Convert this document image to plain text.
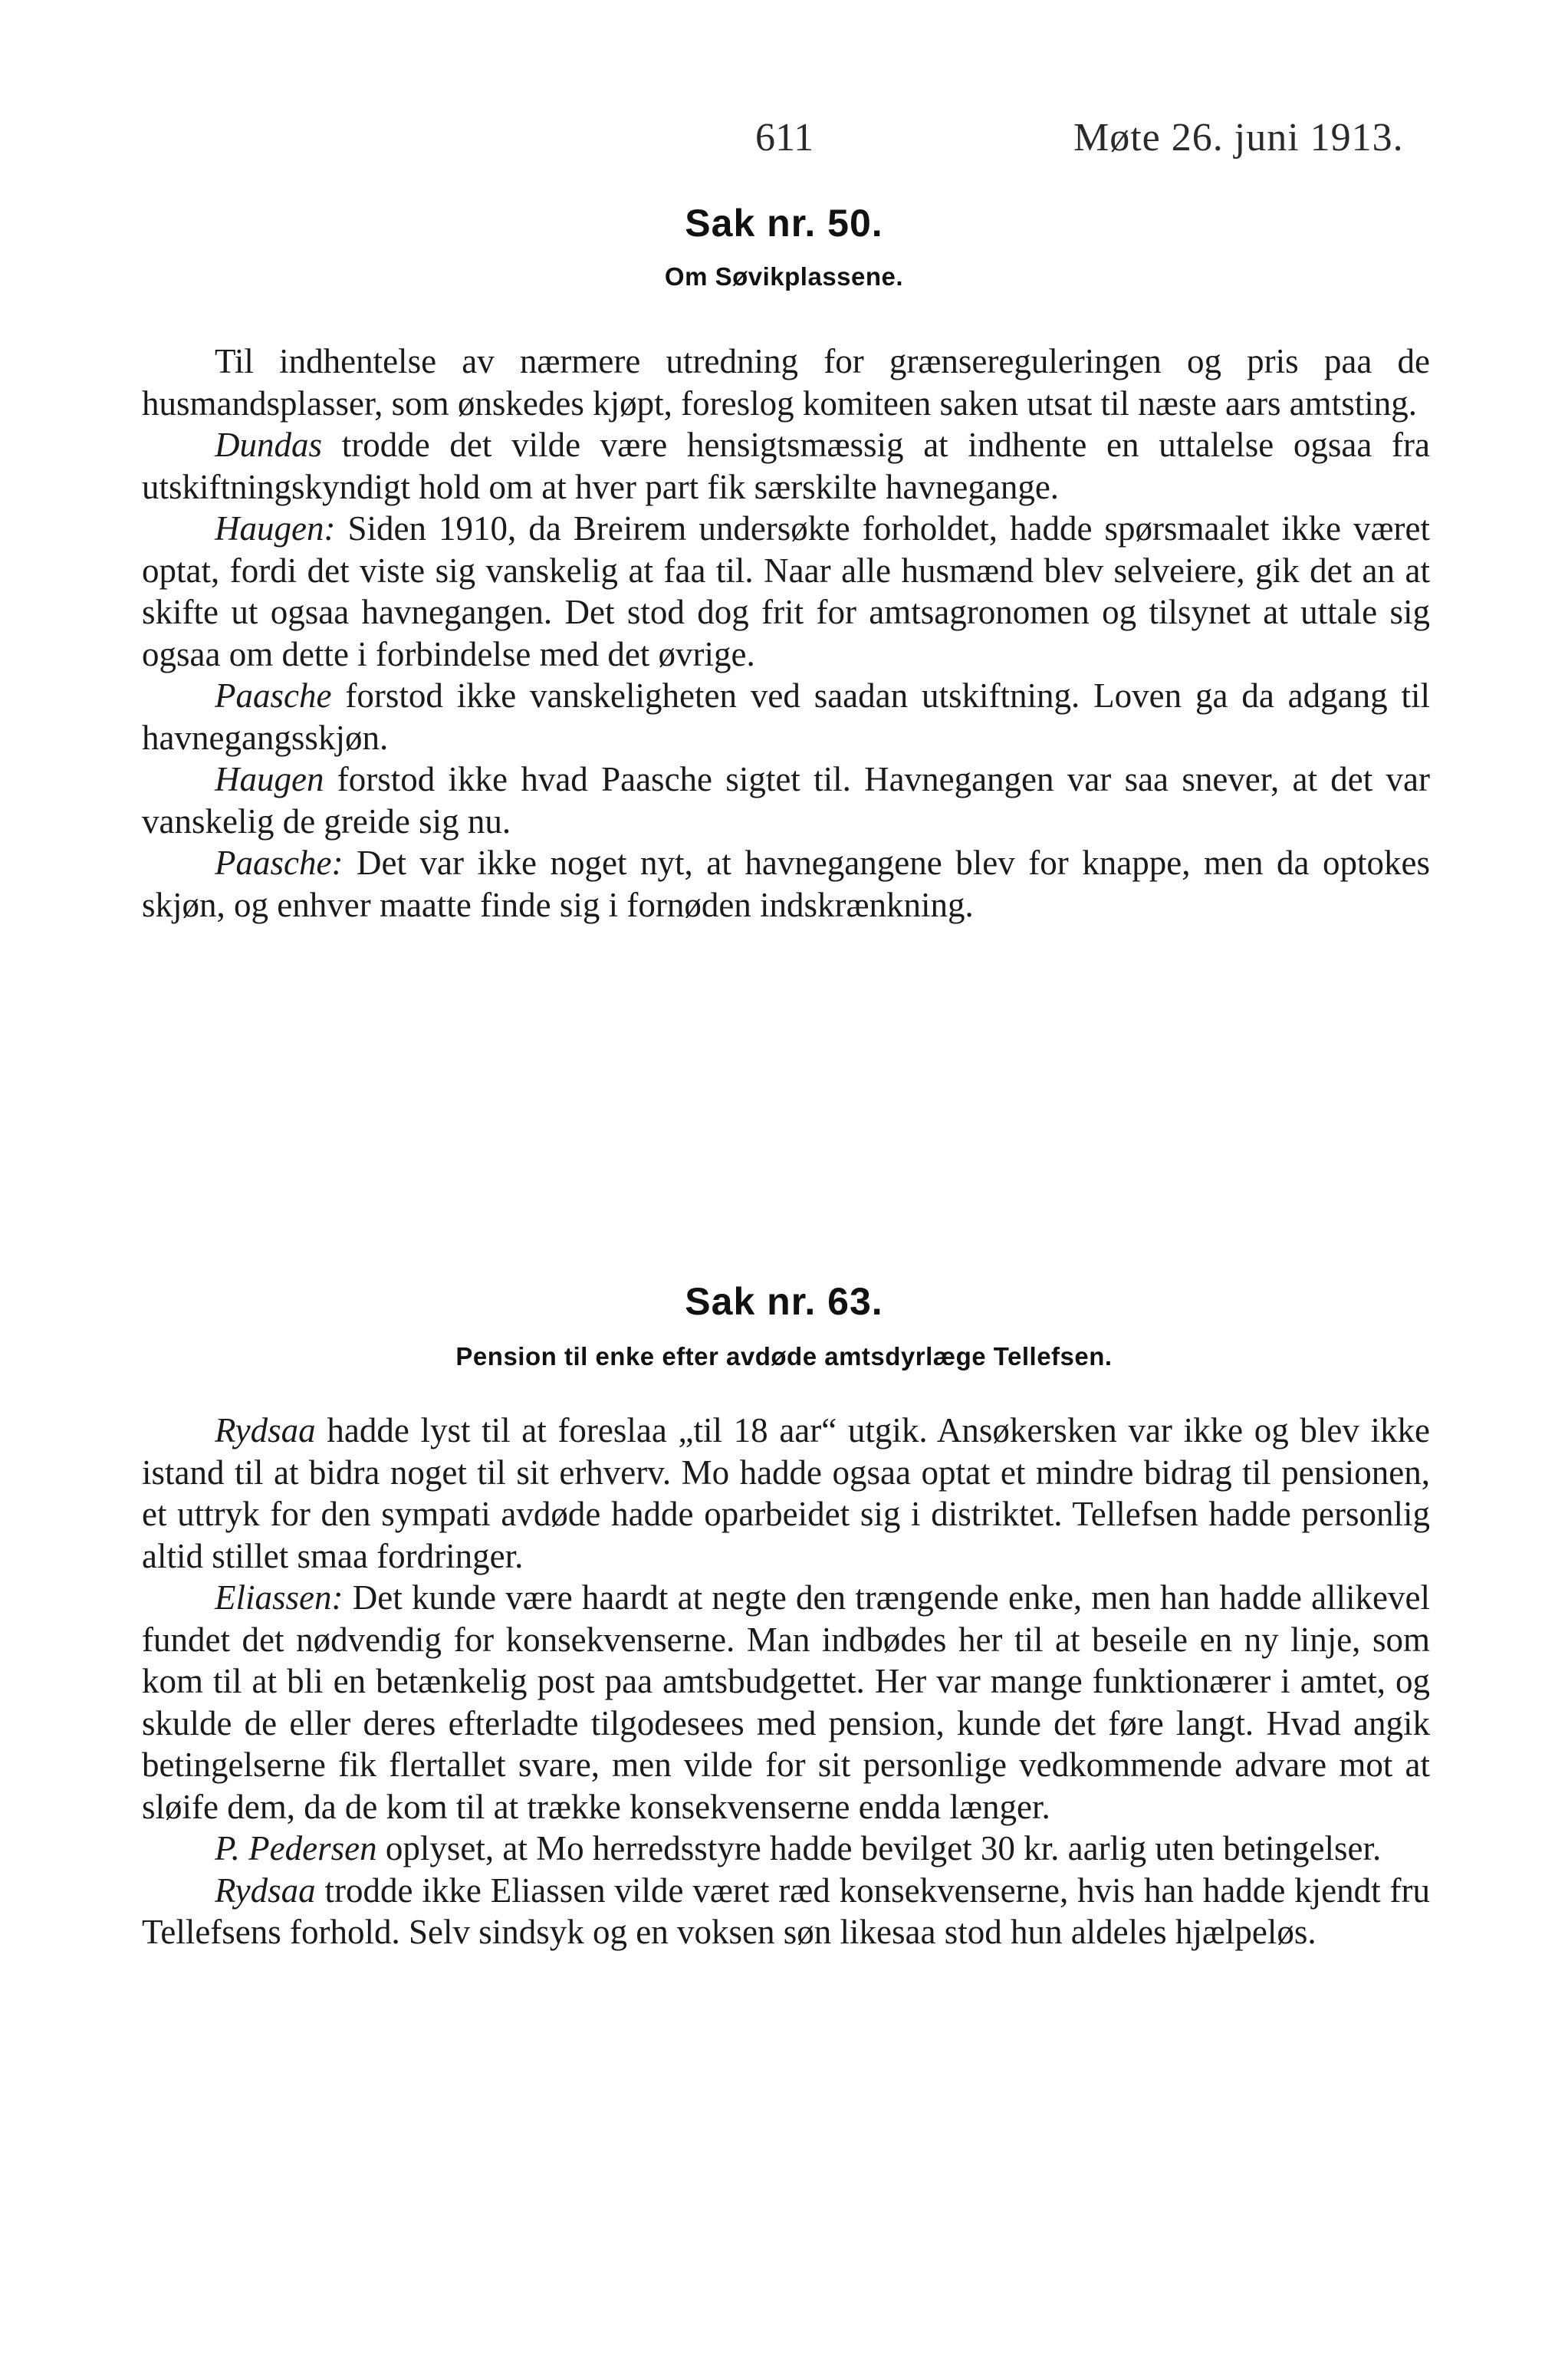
611	Møte 26. juni 1913.
Sak nr. 50.
Om Søvikplassene.

Til indhentelse av nærmere utredning for grænsereguleringen og pris paa de husmandsplasser, som ønskedes kjøpt, foreslog komiteen saken utsat til næste aars amtsting.

Dundas trodde det vilde være hensigtsmæssig at indhente en uttalelse ogsaa fra utskiftningskyndigt hold om at hver part fik særskilte havnegange.

Haugen: Siden 1910, da Breirem undersøkte forholdet, hadde spørsmaalet ikke været optat, fordi det viste sig vanskelig at faa til. Naar alle husmænd blev selveiere, gik det an at skifte ut ogsaa havnegangen. Det stod dog frit for amtsagronomen og tilsynet at uttale sig ogsaa om dette i forbindelse med det øvrige.

Paasche forstod ikke vanskeligheten ved saadan utskiftning. Loven ga da adgang til havnegangsskjøn.

Haugen forstod ikke hvad Paasche sigtet til. Havnegangen var saa snever, at det var vanskelig de greide sig nu.

Paasche: Det var ikke noget nyt, at havnegangene blev for knappe, men da optokes skjøn, og enhver maatte finde sig i fornøden indskrænkning.

Sak nr. 63.
Pension til enke efter avdøde amtsdyrlæge Tellefsen.

Rydsaa hadde lyst til at foreslaa „til 18 aar“ utgik. Ansøkersken var ikke og blev ikke istand til at bidra noget til sit erhverv. Mo hadde ogsaa optat et mindre bidrag til pensionen, et uttryk for den sympati avdøde hadde oparbeidet sig i distriktet. Tellefsen hadde personlig altid stillet smaa fordringer.

Eliassen: Det kunde være haardt at negte den trængende enke, men han hadde allikevel fundet det nødvendig for konsekvenserne. Man indbødes her til at beseile en ny linje, som kom til at bli en betænkelig post paa amtsbudgettet. Her var mange funktionærer i amtet, og skulde de eller deres efterladte tilgodesees med pension, kunde det føre langt. Hvad angik betingelserne fik flertallet svare, men vilde for sit personlige vedkommende advare mot at sløife dem, da de kom til at trække konsekvenserne endda længer.

P. Pedersen oplyset, at Mo herredsstyre hadde bevilget 30 kr. aarlig uten betingelser.

Rydsaa trodde ikke Eliassen vilde været ræd konsekvenserne, hvis han hadde kjendt fru Tellefsens forhold. Selv sindsyk og en voksen søn likesaa stod hun aldeles hjælpeløs.
